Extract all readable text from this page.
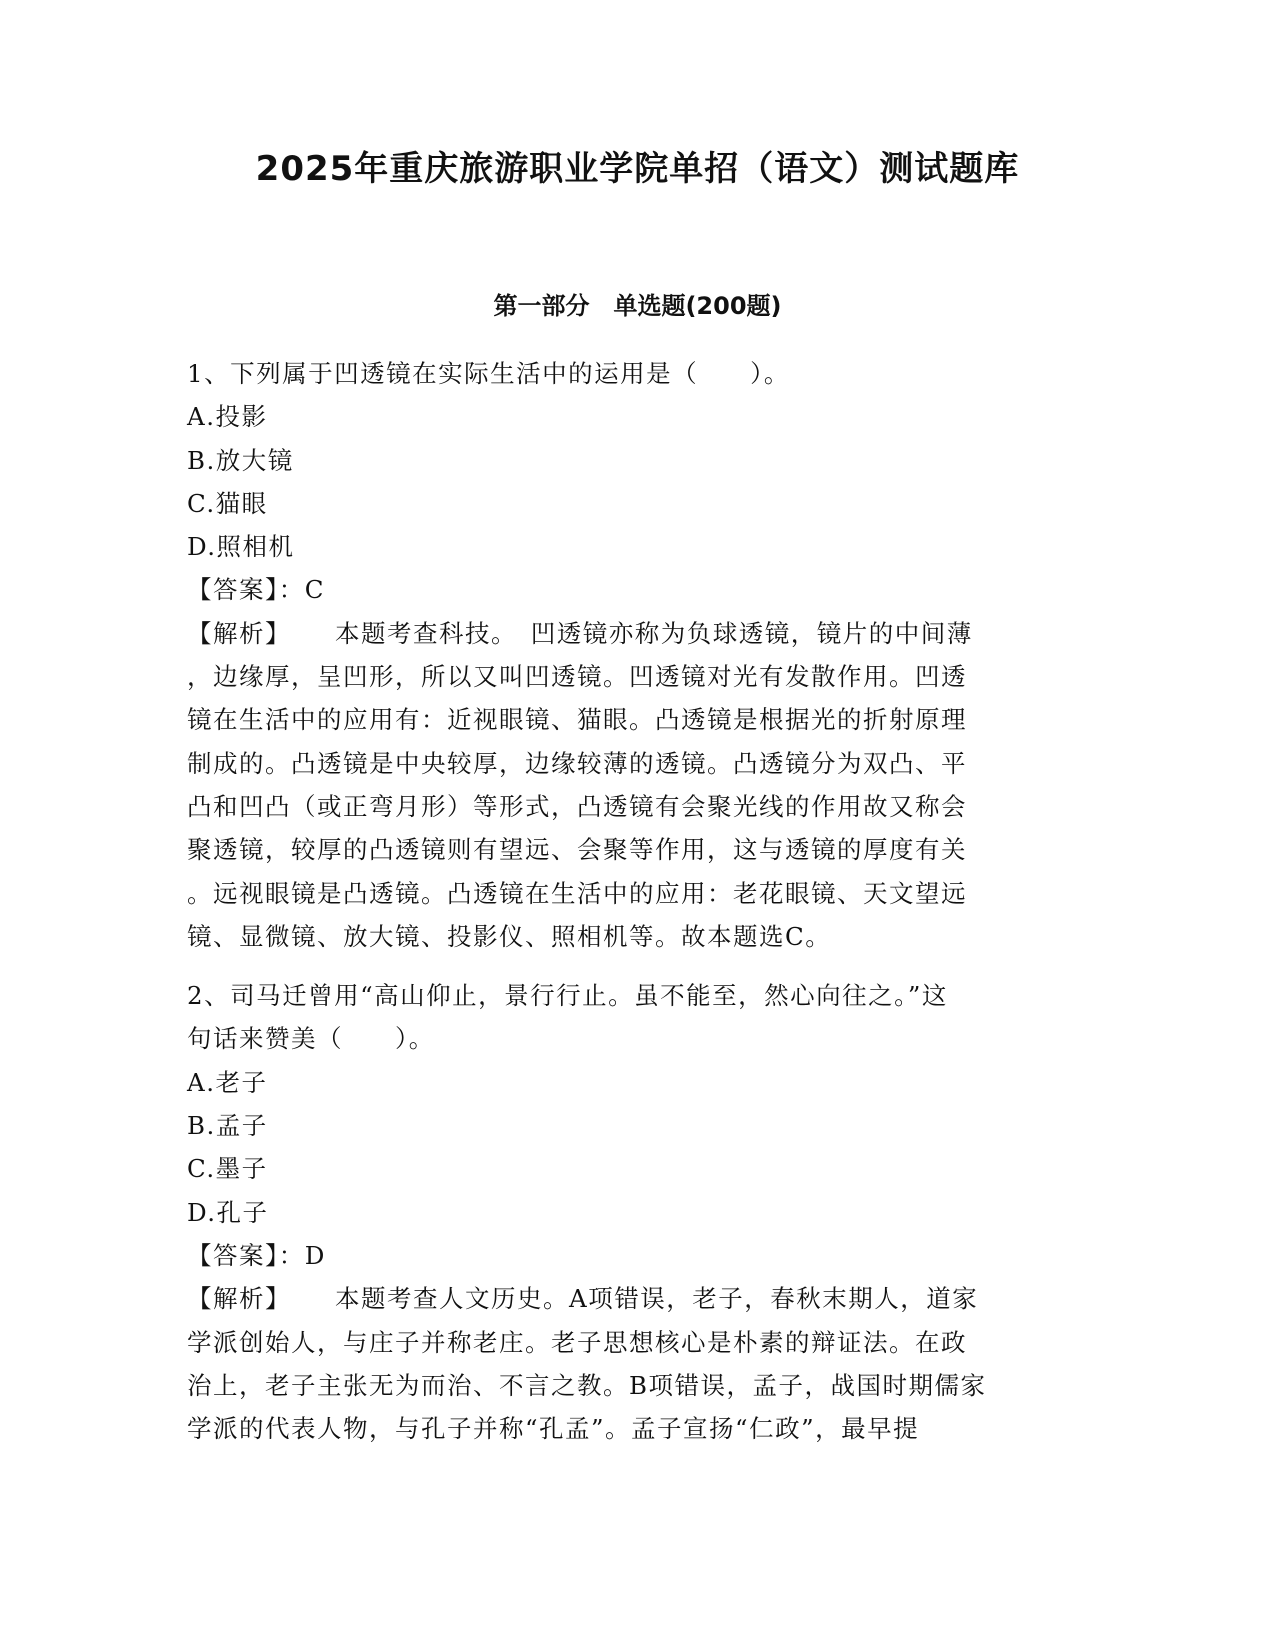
2025年重庆旅游职业学院单招（语文）测试题库
第一部分　单选题(200题)
1、下列属于凹透镜在实际生活中的运用是（　　）。
A.投影
B.放大镜
C.猫眼
D.照相机
【答案】：C
【解析】 本题考查科技。　凹透镜亦称为负球透镜，镜片的中间薄
，边缘厚，呈凹形，所以又叫凹透镜。凹透镜对光有发散作用。凹透
镜在生活中的应用有：近视眼镜、猫眼。凸透镜是根据光的折射原理
制成的。凸透镜是中央较厚，边缘较薄的透镜。凸透镜分为双凸、平
凸和凹凸（或正弯月形）等形式，凸透镜有会聚光线的作用故又称会
聚透镜，较厚的凸透镜则有望远、会聚等作用，这与透镜的厚度有关
。远视眼镜是凸透镜。凸透镜在生活中的应用：老花眼镜、天文望远
镜、显微镜、放大镜、投影仪、照相机等。故本题选C。
2、司马迁曾用“高山仰止，景行行止。虽不能至，然心向往之。”这
句话来赞美（　　）。
A.老子
B.孟子
C.墨子
D.孔子
【答案】：D
【解析】 本题考查人文历史。A项错误，老子，春秋末期人，道家
学派创始人，与庄子并称老庄。老子思想核心是朴素的辩证法。在政
治上，老子主张无为而治、不言之教。B项错误，孟子，战国时期儒家
学派的代表人物，与孔子并称“孔孟”。孟子宣扬“仁政”，最早提
